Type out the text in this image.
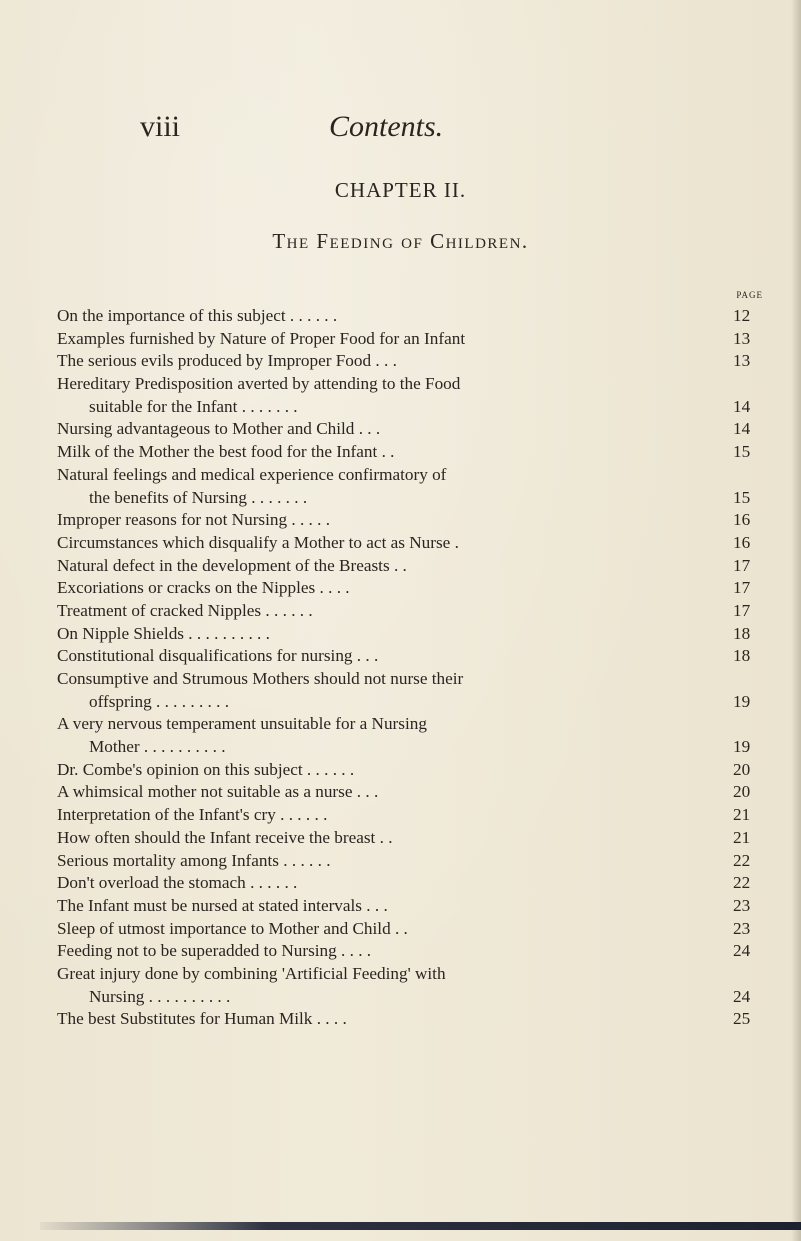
viii	Contents.
CHAPTER II.
The Feeding of Children.
PAGE
On the importance of this subject . . . . . .	12
Examples furnished by Nature of Proper Food for an Infant	13
The serious evils produced by Improper Food . . .	13
Hereditary Predisposition averted by attending to the Food
suitable for the Infant . . . . . . .	14
Nursing advantageous to Mother and Child . . .	14
Milk of the Mother the best food for the Infant . .	15
Natural feelings and medical experience confirmatory of
the benefits of Nursing . . . . . . .	15
Improper reasons for not Nursing . . . . .	16
Circumstances which disqualify a Mother to act as Nurse .	16
Natural defect in the development of the Breasts . .	17
Excoriations or cracks on the Nipples . . . .	17
Treatment of cracked Nipples . . . . . .	17
On Nipple Shields . . . . . . . . . .	18
Constitutional disqualifications for nursing . . .	18
Consumptive and Strumous Mothers should not nurse their
offspring . . . . . . . . .	19
A very nervous temperament unsuitable for a Nursing
Mother . . . . . . . . . .	19
Dr. Combe's opinion on this subject . . . . . .	20
A whimsical mother not suitable as a nurse . . .	20
Interpretation of the Infant's cry . . . . . .	21
How often should the Infant receive the breast . .	21
Serious mortality among Infants . . . . . .	22
Don't overload the stomach . . . . . .	22
The Infant must be nursed at stated intervals . . .	23
Sleep of utmost importance to Mother and Child . .	23
Feeding not to be superadded to Nursing . . . .	24
Great injury done by combining 'Artificial Feeding' with
Nursing . . . . . . . . . .	24
The best Substitutes for Human Milk . . . .	25
